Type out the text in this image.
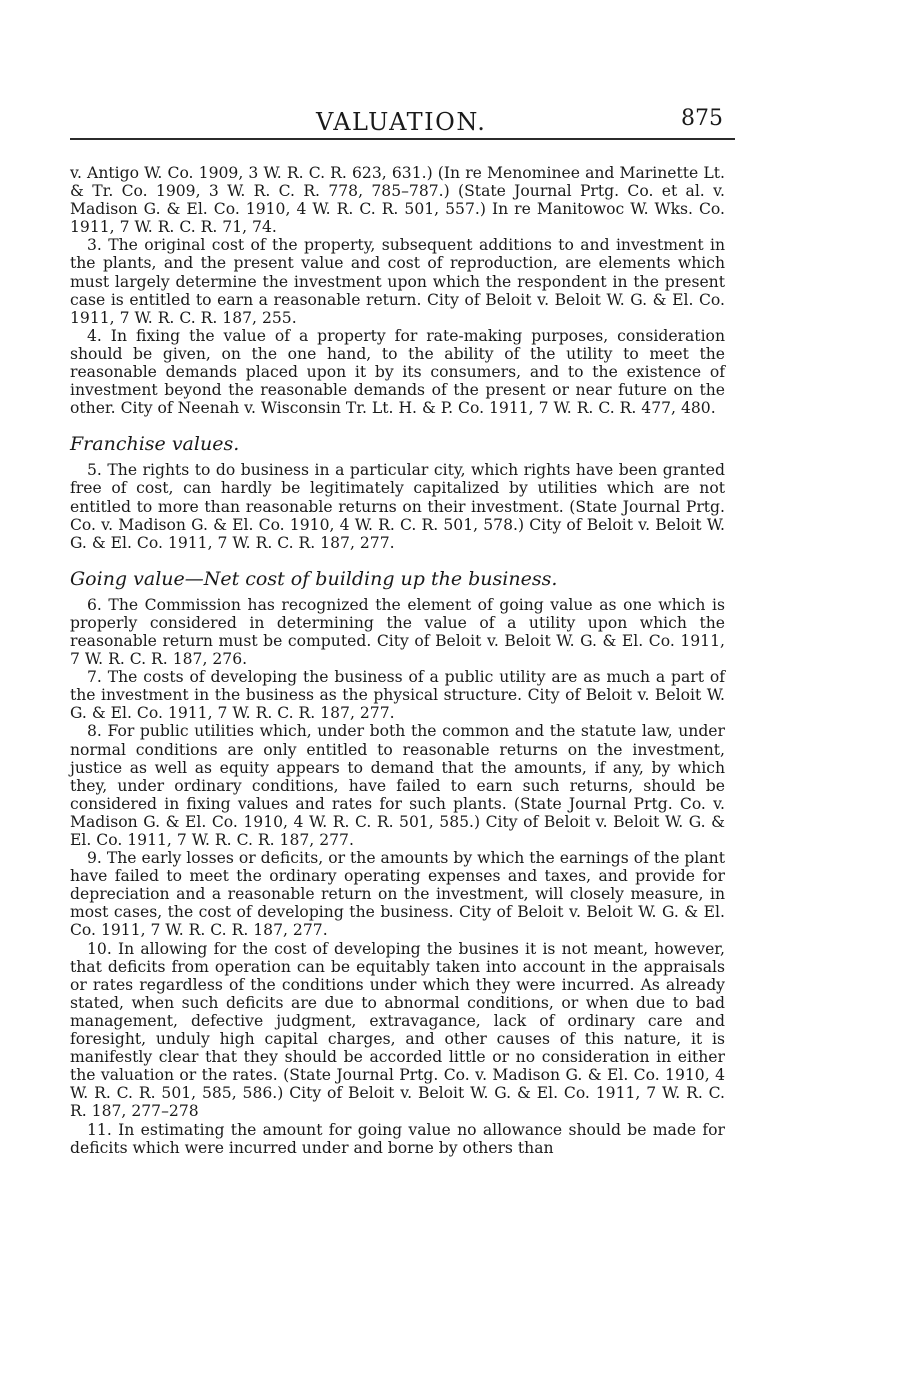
VALUATION.	875

v. Antigo W. Co. 1909, 3 W. R. C. R. 623, 631.) (In re Menominee and Marinette Lt. & Tr. Co. 1909, 3 W. R. C. R. 778, 785–787.) (State Journal Prtg. Co. et al. v. Madison G. & El. Co. 1910, 4 W. R. C. R. 501, 557.) In re Manitowoc W. Wks. Co. 1911, 7 W. R. C. R. 71, 74.

3. The original cost of the property, subsequent additions to and investment in the plants, and the present value and cost of reproduction, are elements which must largely determine the investment upon which the respondent in the present case is entitled to earn a reasonable return. City of Beloit v. Beloit W. G. & El. Co. 1911, 7 W. R. C. R. 187, 255.

4. In fixing the value of a property for rate-making purposes, consideration should be given, on the one hand, to the ability of the utility to meet the reasonable demands placed upon it by its consumers, and to the existence of investment beyond the reasonable demands of the present or near future on the other. City of Neenah v. Wisconsin Tr. Lt. H. & P. Co. 1911, 7 W. R. C. R. 477, 480.

Franchise values.

5. The rights to do business in a particular city, which rights have been granted free of cost, can hardly be legitimately capitalized by utilities which are not entitled to more than reasonable returns on their investment. (State Journal Prtg. Co. v. Madison G. & El. Co. 1910, 4 W. R. C. R. 501, 578.) City of Beloit v. Beloit W. G. & El. Co. 1911, 7 W. R. C. R. 187, 277.

Going value—Net cost of building up the business.

6. The Commission has recognized the element of going value as one which is properly considered in determining the value of a utility upon which the reasonable return must be computed. City of Beloit v. Beloit W. G. & El. Co. 1911, 7 W. R. C. R. 187, 276.

7. The costs of developing the business of a public utility are as much a part of the investment in the business as the physical structure. City of Beloit v. Beloit W. G. & El. Co. 1911, 7 W. R. C. R. 187, 277.

8. For public utilities which, under both the common and the statute law, under normal conditions are only entitled to reasonable returns on the investment, justice as well as equity appears to demand that the amounts, if any, by which they, under ordinary conditions, have failed to earn such returns, should be considered in fixing values and rates for such plants. (State Journal Prtg. Co. v. Madison G. & El. Co. 1910, 4 W. R. C. R. 501, 585.) City of Beloit v. Beloit W. G. & El. Co. 1911, 7 W. R. C. R. 187, 277.

9. The early losses or deficits, or the amounts by which the earnings of the plant have failed to meet the ordinary operating expenses and taxes, and provide for depreciation and a reasonable return on the investment, will closely measure, in most cases, the cost of developing the business. City of Beloit v. Beloit W. G. & El. Co. 1911, 7 W. R. C. R. 187, 277.

10. In allowing for the cost of developing the busines it is not meant, however, that deficits from operation can be equitably taken into account in the appraisals or rates regardless of the conditions under which they were incurred. As already stated, when such deficits are due to abnormal conditions, or when due to bad management, defective judgment, extravagance, lack of ordinary care and foresight, unduly high capital charges, and other causes of this nature, it is manifestly clear that they should be accorded little or no consideration in either the valuation or the rates. (State Journal Prtg. Co. v. Madison G. & El. Co. 1910, 4 W. R. C. R. 501, 585, 586.) City of Beloit v. Beloit W. G. & El. Co. 1911, 7 W. R. C. R. 187, 277–278

11. In estimating the amount for going value no allowance should be made for deficits which were incurred under and borne by others than
